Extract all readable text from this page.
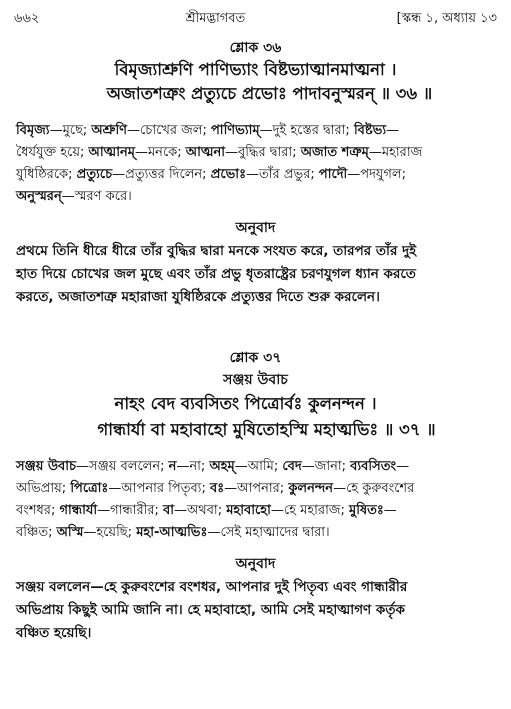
৬৬২	শ্রীমদ্ভাগবত	[স্কন্ধ ১, অধ্যায় ১৩
শ্লোক ৩৬
বিমৃজ্যাশ্রুণি পাণিভ্যাং বিষ্টভ্যাত্মানমাত্মনা ।
অজাতশত্রুং প্রত্যুচে প্রভোঃ পাদাবনুস্মরন্ ॥ ৩৬ ॥
বিমৃজ্য—মুছে; অশ্রুণি—চোখের জল; পাণিভ্যাম্—দুই হস্তের দ্বারা; বিষ্টভ্য—
ধৈর্যযুক্ত হয়ে; আত্মানম্—মনকে; আত্মনা—বুদ্ধির দ্বারা; অজাত শত্রুম্—মহারাজ
যুধিষ্ঠিরকে; প্রত্যুচে—প্রত্যুত্তর দিলেন; প্রভোঃ—তাঁর প্রভুর; পাদৌ—পদযুগল;
অনুস্মরন্—স্মরণ করে।
অনুবাদ
প্রথমে তিনি ধীরে ধীরে তাঁর বুদ্ধির দ্বারা মনকে সংযত করে, তারপর তাঁর দুই
হাত দিয়ে চোখের জল মুছে এবং তাঁর প্রভু ধৃতরাষ্ট্রের চরণযুগল ধ্যান করতে
করতে, অজাতশত্রু মহারাজা যুধিষ্ঠিরকে প্রত্যুত্তর দিতে শুরু করলেন।
শ্লোক ৩৭
সঞ্জয় উবাচ
নাহং বেদ ব্যবসিতং পিত্রোর্বঃ কুলনন্দন ।
গান্ধার্যা বা মহাবাহো মুষিতোহস্মি মহাত্মভিঃ ॥ ৩৭ ॥
সঞ্জয় উবাচ—সঞ্জয় বললেন; ন—না; অহম্—আমি; বেদ—জানা; ব্যবসিতং—
অভিপ্রায়; পিত্রোঃ—আপনার পিতৃব্য; বঃ—আপনার; কুলনন্দন—হে কুরুবংশের
বংশধর; গান্ধার্যা—গান্ধারীর; বা—অথবা; মহাবাহো—হে মহারাজ; মুষিতঃ—
বঞ্চিত; অস্মি—হয়েছি; মহা-আত্মভিঃ—সেই মহাত্মাদের দ্বারা।
অনুবাদ
সঞ্জয় বললেন—হে কুরুবংশের বংশধর, আপনার দুই পিতৃব্য এবং গান্ধারীর
অভিপ্রায় কিছুই আমি জানি না। হে মহাবাহো, আমি সেই মহাত্মাগণ কর্তৃক
বঞ্চিত হয়েছি।
